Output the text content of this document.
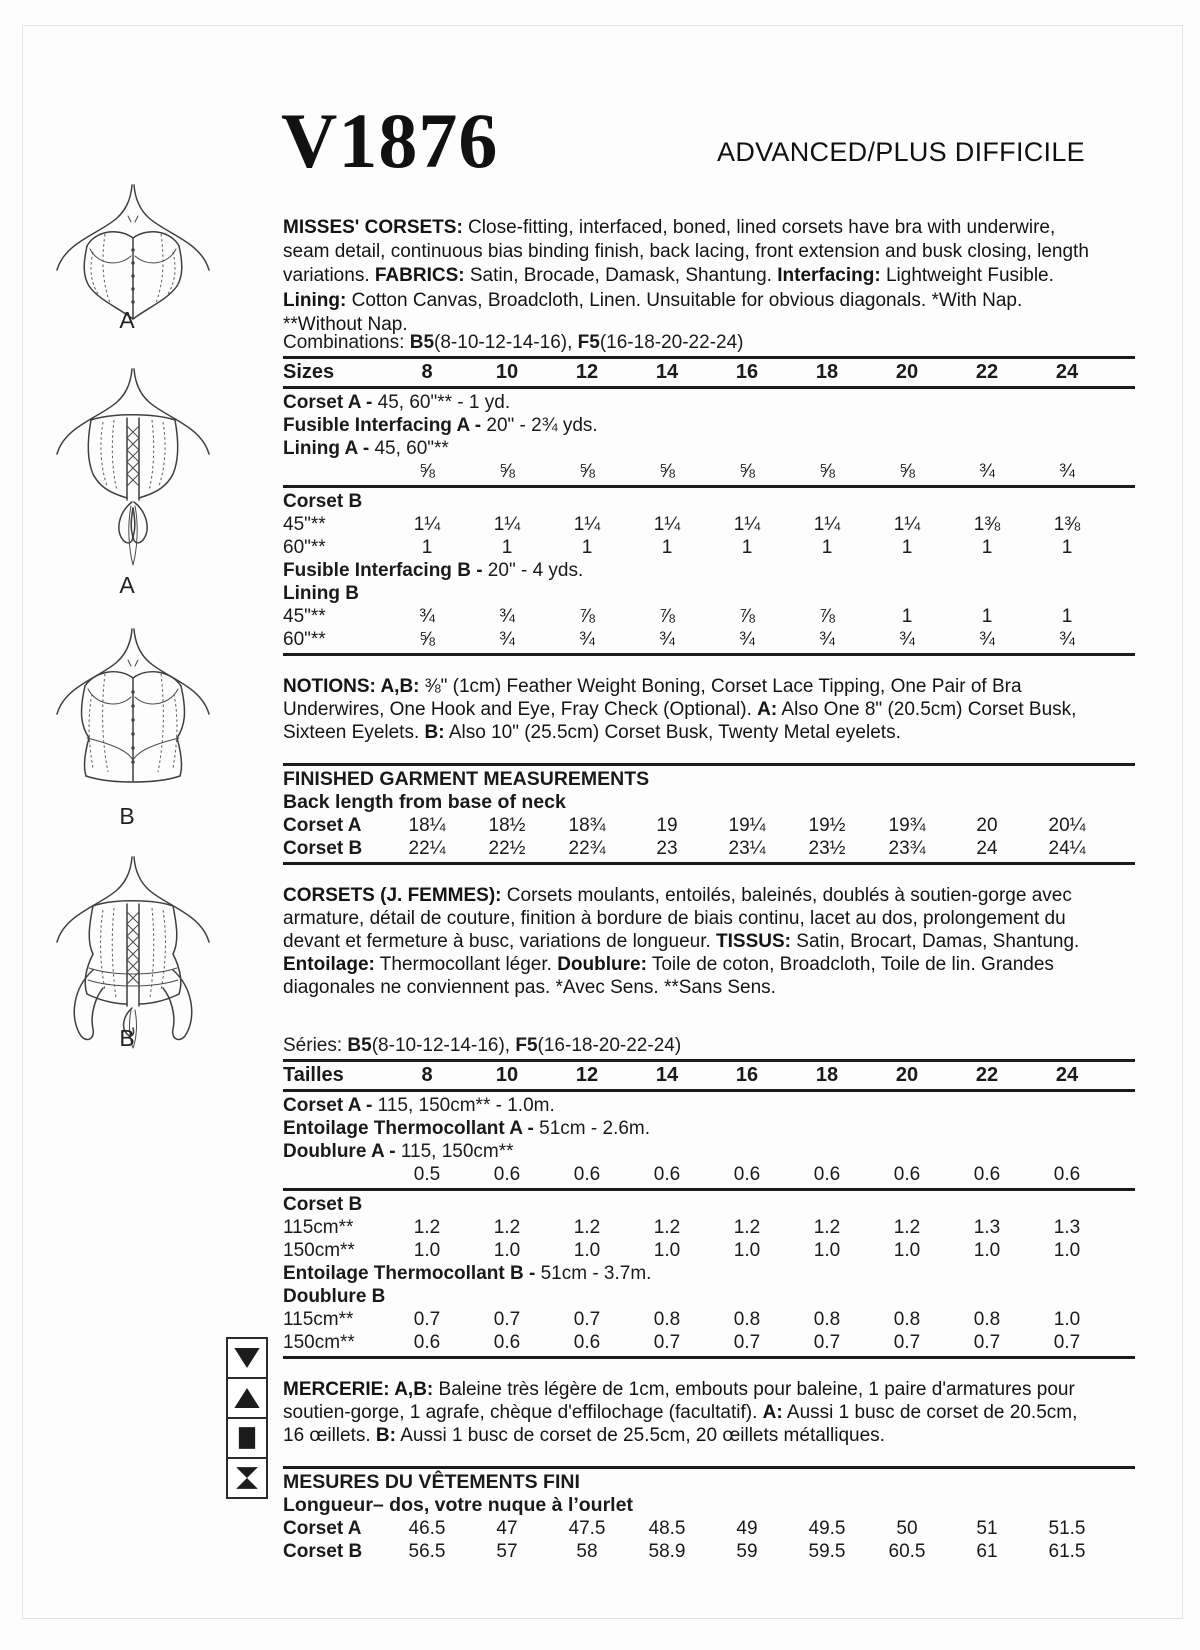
V1876	ADVANCED/PLUS DIFFICILE

MISSES' CORSETS: Close-fitting, interfaced, boned, lined corsets have bra with underwire, seam detail, continuous bias binding finish, back lacing, front extension and busk closing, length variations. FABRICS: Satin, Brocade, Damask, Shantung. Interfacing: Lightweight Fusible. Lining: Cotton Canvas, Broadcloth, Linen. Unsuitable for obvious diagonals. *With Nap. **Without Nap.

A
A
B
B
Combinations: B5(8-10-12-14-16), F5(16-18-20-22-24)
Sizes	8	10	12	14	16	18	20	22	24
Corset A - 45, 60"** - 1 yd.
Fusible Interfacing A - 20" - 2¾ yds.
Lining A - 45, 60"**
⅝	⅝	⅝	⅝	⅝	⅝	⅝	¾	¾
Corset B
45"**	1¼	1¼	1¼	1¼	1¼	1¼	1¼	1⅜	1⅜
60"**	1	1	1	1	1	1	1	1	1
Fusible Interfacing B - 20" - 4 yds.
Lining B
45"**	¾	¾	⅞	⅞	⅞	⅞	1	1	1
60"**	⅝	¾	¾	¾	¾	¾	¾	¾	¾

NOTIONS: A,B: ⅜" (1cm) Feather Weight Boning, Corset Lace Tipping, One Pair of Bra Underwires, One Hook and Eye, Fray Check (Optional). A: Also One 8" (20.5cm) Corset Busk, Sixteen Eyelets. B: Also 10" (25.5cm) Corset Busk, Twenty Metal eyelets.

FINISHED GARMENT MEASUREMENTS
Back length from base of neck
Corset A	18¼	18½	18¾	19	19¼	19½	19¾	20	20¼
Corset B	22¼	22½	22¾	23	23¼	23½	23¾	24	24¼

CORSETS (J. FEMMES): Corsets moulants, entoilés, baleinés, doublés à soutien-gorge avec armature, détail de couture, finition à bordure de biais continu, lacet au dos, prolongement du devant et fermeture à busc, variations de longueur. TISSUS: Satin, Brocart, Damas, Shantung. Entoilage: Thermocollant léger. Doublure: Toile de coton, Broadcloth, Toile de lin. Grandes diagonales ne conviennent pas. *Avec Sens. **Sans Sens.

Séries: B5(8-10-12-14-16), F5(16-18-20-22-24)
Tailles	8	10	12	14	16	18	20	22	24
Corset A - 115, 150cm** - 1.0m.
Entoilage Thermocollant A - 51cm - 2.6m.
Doublure A - 115, 150cm**
0.5	0.6	0.6	0.6	0.6	0.6	0.6	0.6	0.6
Corset B
115cm**	1.2	1.2	1.2	1.2	1.2	1.2	1.2	1.3	1.3
150cm**	1.0	1.0	1.0	1.0	1.0	1.0	1.0	1.0	1.0
Entoilage Thermocollant B - 51cm - 3.7m.
Doublure B
115cm**	0.7	0.7	0.7	0.8	0.8	0.8	0.8	0.8	1.0
150cm**	0.6	0.6	0.6	0.7	0.7	0.7	0.7	0.7	0.7

MERCERIE: A,B: Baleine très légère de 1cm, embouts pour baleine, 1 paire d'armatures pour soutien-gorge, 1 agrafe, chèque d'effilochage (facultatif). A: Aussi 1 busc de corset de 20.5cm, 16 œillets. B: Aussi 1 busc de corset de 25.5cm, 20 œillets métalliques.

MESURES DU VÊTEMENTS FINI
Longueur– dos, votre nuque à l’ourlet
Corset A	46.5	47	47.5	48.5	49	49.5	50	51	51.5
Corset B	56.5	57	58	58.9	59	59.5	60.5	61	61.5
